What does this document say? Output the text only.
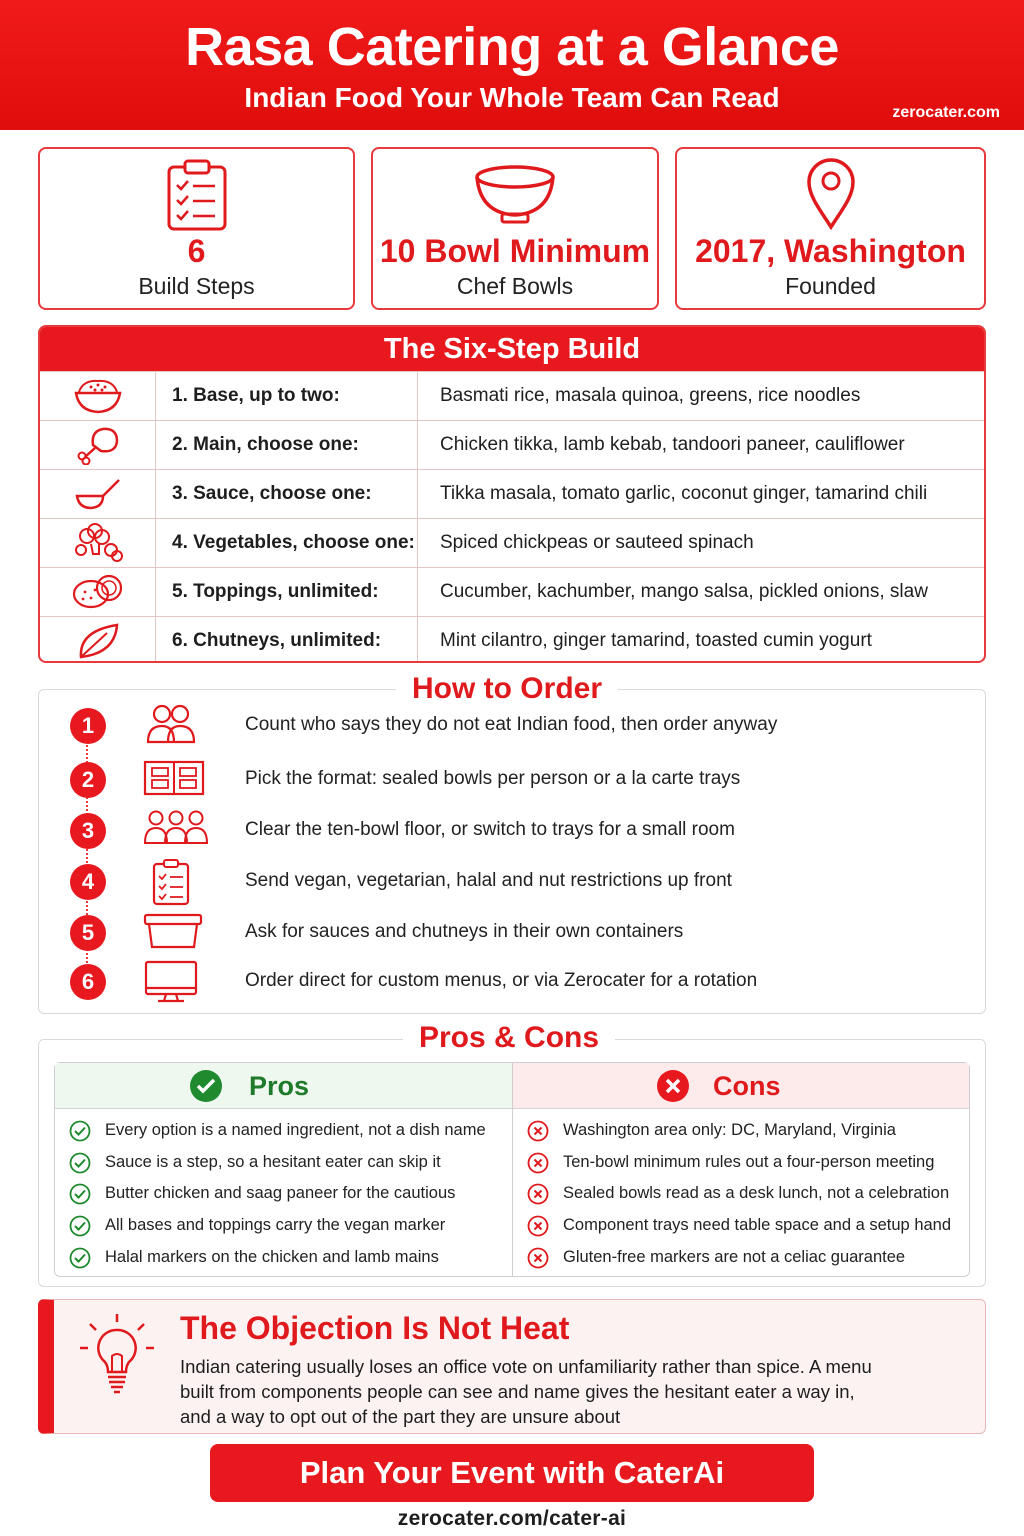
Rasa Catering at a Glance
Indian Food Your Whole Team Can Read	zerocater.com
6
Build Steps
10 Bowl Minimum
Chef Bowls
2017, Washington
Founded
The Six-Step Build
1. Base, up to two:	Basmati rice, masala quinoa, greens, rice noodles
2. Main, choose one:	Chicken tikka, lamb kebab, tandoori paneer, cauliflower
3. Sauce, choose one:	Tikka masala, tomato garlic, coconut ginger, tamarind chili
4. Vegetables, choose one:	Spiced chickpeas or sauteed spinach
5. Toppings, unlimited:	Cucumber, kachumber, mango salsa, pickled onions, slaw
6. Chutneys, unlimited:	Mint cilantro, ginger tamarind, toasted cumin yogurt
How to Order
1	Count who says they do not eat Indian food, then order anyway
2	Pick the format: sealed bowls per person or a la carte trays
3	Clear the ten-bowl floor, or switch to trays for a small room
4	Send vegan, vegetarian, halal and nut restrictions up front
5	Ask for sauces and chutneys in their own containers
6	Order direct for custom menus, or via Zerocater for a rotation
Pros & Cons
Pros
Every option is a named ingredient, not a dish name
Sauce is a step, so a hesitant eater can skip it
Butter chicken and saag paneer for the cautious
All bases and toppings carry the vegan marker
Halal markers on the chicken and lamb mains
Cons
Washington area only: DC, Maryland, Virginia
Ten-bowl minimum rules out a four-person meeting
Sealed bowls read as a desk lunch, not a celebration
Component trays need table space and a setup hand
Gluten-free markers are not a celiac guarantee
The Objection Is Not Heat
Indian catering usually loses an office vote on unfamiliarity rather than spice. A menu
built from components people can see and name gives the hesitant eater a way in,
and a way to opt out of the part they are unsure about
Plan Your Event with CaterAi
zerocater.com/cater-ai
